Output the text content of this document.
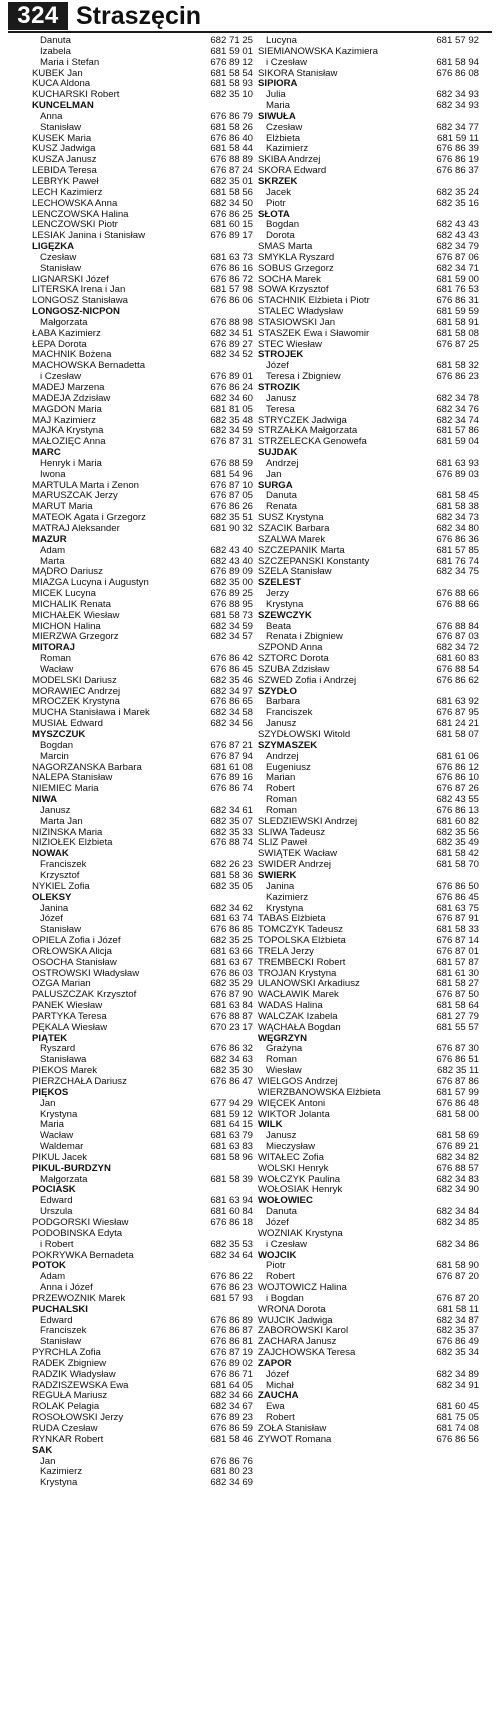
324 Straszęcin
Danuta	682 71 25
Izabela	681 59 01
Maria i Stefan	676 89 12
KUBEK Jan	681 58 54
KUCA Aldona	681 58 93
KUCHARSKI Robert	682 35 10
KUNCELMAN
Anna	676 86 79
Stanisław	681 58 26
KUSEK Maria	676 86 40
KUSZ Jadwiga	681 58 44
KUSZA Janusz	676 88 89
LEBIDA Teresa	676 87 24
LEBRYK Paweł	682 35 01
LECH Kazimierz	681 58 56
LECHOWSKA Anna	682 34 50
LENCZOWSKA Halina	676 86 25
LENCZOWSKI Piotr	681 60 15
LESIAK Janina i Stanisław	676 89 17
LIGĘZKA
Czesław	681 63 73
Stanisław	676 86 16
LIGNARSKI Józef	676 86 72
LITERSKA Irena i Jan	681 57 98
LONGOSZ Stanisława	676 86 06
LONGOSZ-NICPOŃ
Małgorzata	676 88 98
ŁABA Kazimierz	682 34 51
ŁEPA Dorota	676 89 27
MACHNIK Bożena	682 34 52
MACHOWSKA Bernadetta
i Czesław	676 89 01
MADEJ Marzena	676 86 24
MADEJA Zdzisław	682 34 60
MAGDOŃ Maria	681 81 05
MAJ Kazimierz	682 35 48
MAJKA Krystyna	682 34 59
MAŁOZIĘĆ Anna	676 87 31
MARĆ
Henryk i Maria	676 88 59
Iwona	681 54 96
MARTULA Marta i Zenon	676 87 10
MARUSZCAK Jerzy	676 87 05
MARUT Maria	676 86 26
MATEOK Agata i Grzegorz	682 35 51
MATRAJ Aleksander	681 90 32
MAZUR
Adam	682 43 40
Marta	682 43 40
MĄDRO Dariusz	676 89 09
MIAZGA Lucyna i Augustyn	682 35 00
MICEK Lucyna	676 89 25
MICHALIK Renata	676 88 95
MICHAŁEK Wiesław	681 58 73
MICHOŃ Halina	682 34 59
MIERZWA Grzegorz	682 34 57
MITORAJ
Roman	676 86 42
Wacław	676 86 45
MODELSKI Dariusz	682 35 46
MORAWIEC Andrzej	682 34 97
MROCZEK Krystyna	676 86 65
MUCHA Stanisława i Marek	682 34 58
MUSIAŁ Edward	682 34 56
MYSZCZUK
Bogdan	676 87 21
Marcin	676 87 94
NAGÓRZAŃSKA Barbara	681 61 08
NALEPA Stanisław	676 89 16
NIEMIEC Maria	676 86 74
NIWA
Janusz	682 34 61
Marta Jan	682 35 07
NIZIŃSKA Maria	682 35 33
NIZIOŁEK Elżbieta	676 88 74
NOWAK
Franciszek	682 26 23
Krzysztof	681 58 36
NYKIEL Zofia	682 35 05
OLEKSY
Janina	682 34 62
Józef	681 63 74
Stanisław	676 86 85
OPIELA Zofia i Józef	682 35 25
ORŁOWSKA Alicja	681 63 66
OSOCHA Stanisław	681 63 67
OSTROWSKI Władysław	676 86 03
OŻGA Marian	682 35 29
PALUSZCZAK Krzysztof	676 87 90
PANEK Wiesław	681 63 84
PARTYKA Teresa	676 88 87
PĘKALA Wiesław	670 23 17
PIĄTEK
Ryszard	676 86 32
Stanisława	682 34 63
PIEKOŚ Marek	682 35 30
PIERZCHAŁA Dariusz	676 86 47
PIĘKOŚ
Jan	677 94 29
Krystyna	681 59 12
Maria	681 64 15
Wacław	681 63 79
Waldemar	681 63 83
PIKUL Jacek	681 58 96
PIKUL-BURDZYŃ
Małgorzata	681 58 39
POCIASK
Edward	681 63 94
Urszula	681 60 84
PODGÓRSKI Wiesław	676 86 18
PODOBIŃSKA Edyta
i Robert	682 35 53
POKRYWKA Bernadeta	682 34 64
POTOK
Adam	676 86 22
Anna i Józef	676 86 23
PRZEWOŹNIK Marek	681 57 93
PUCHALSKI
Edward	676 86 89
Franciszek	676 86 87
Stanisław	676 86 81
PYRCHLA Zofia	676 87 19
RADEK Zbigniew	676 89 02
RADZIK Władysław	676 86 71
RADZISZEWSKA Ewa	681 64 05
REGUŁA Mariusz	682 34 66
ROLAK Pelagia	682 34 67
ROSOŁOWSKI Jerzy	676 89 23
RUDA Czesław	676 86 59
RYNKAR Robert	681 58 46
SAK
Jan	676 86 76
Kazimierz	681 80 23
Krystyna	682 34 69
Lucyna	681 57 92
SIEMIANOWSKA Kazimiera
i Czesław	681 58 94
SIKORA Stanisław	676 86 08
SIPIORA
Julia	682 34 93
Maria	682 34 93
SIWUŁA
Czesław	682 34 77
Elżbieta	681 59 11
Kazimierz	676 86 39
SKIBA Andrzej	676 86 19
SKÓRA Edward	676 86 37
SKRZEK
Jacek	682 35 24
Piotr	682 35 16
SŁOTA
Bogdan	682 43 43
Dorota	682 43 43
SMAŚ Marta	682 34 79
SMYKLA Ryszard	676 87 06
SOBUŚ Grzegorz	682 34 71
SOCHA Marek	681 59 00
SOWA Krzysztof	681 76 53
STACHNIK Elżbieta i Piotr	676 86 31
STALEC Władysław	681 59 59
STASIOWSKI Jan	681 58 91
STASZEK Ewa i Sławomir	681 58 08
STEC Wiesław	676 87 25
STROJEK
Józef	681 58 32
Teresa i Zbigniew	676 86 23
STRÓZIK
Janusz	682 34 78
Teresa	682 34 76
STRYCZEK Jadwiga	682 34 74
STRZAŁKA Małgorzata	681 57 86
STRZELECKA Genowefa	681 59 04
SUJDAK
Andrzej	681 63 93
Jan	676 89 03
SURGA
Danuta	681 58 45
Renata	681 58 38
SUSZ Krystyna	682 34 73
SZACIK Barbara	682 34 80
SZALWA Marek	676 86 36
SZCZEPANIK Marta	681 57 85
SZCZEPAŃSKI Konstanty	681 76 74
SZELA Stanisław	682 34 75
SZELEST
Jerzy	676 88 66
Krystyna	676 88 66
SZEWCZYK
Beata	676 88 84
Renata i Zbigniew	676 87 03
SZPOND Anna	682 34 72
SZTORC Dorota	681 60 83
SZUBA Zdzisław	676 88 54
SZWED Zofia i Andrzej	676 86 62
SZYDŁO
Barbara	681 63 92
Franciszek	676 87 95
Janusz	681 24 21
SZYDŁOWSKI Witold	681 58 07
SZYMASZEK
Andrzej	681 61 06
Eugeniusz	676 86 12
Marian	676 86 10
Robert	676 87 26
Roman	682 43 55
Roman	676 86 13
ŚLEDZIEWSKI Andrzej	681 60 82
ŚLIWA Tadeusz	682 35 56
ŚLIZ Paweł	682 35 49
ŚWIĄTEK Wacław	681 58 42
ŚWIDER Andrzej	681 58 70
ŚWIERK
Janina	676 86 50
Kazimierz	676 86 45
Krystyna	681 63 75
TABAS Elżbieta	676 87 91
TOMCZYK Tadeusz	681 58 33
TOPOLSKA Elżbieta	676 87 14
TRELA Jerzy	676 87 01
TREMBECKI Robert	681 57 87
TROJAN Krystyna	681 61 30
ULANOWSKI Arkadiusz	681 58 27
WACŁAWIK Marek	676 87 50
WADAS Halina	681 58 64
WALCZAK Izabela	681 27 79
WĄCHAŁA Bogdan	681 55 57
WĘGRZYN
Grażyna	676 87 30
Roman	676 86 51
Wiesław	682 35 11
WIELGOS Andrzej	676 87 86
WIERZBANOWSKA Elżbieta	681 57 99
WIĘCEK Antoni	676 86 48
WIKTOR Jolanta	681 58 00
WILK
Janusz	681 58 69
Mieczysław	676 89 21
WITAŁEC Zofia	682 34 82
WOLSKI Henryk	676 88 57
WOŁCZYK Paulina	682 34 83
WOŁOSIAK Henryk	682 34 90
WOŁOWIEC
Danuta	682 34 84
Józef	682 34 85
WOŹNIAK Krystyna
i Czesław	682 34 86
WÓJCIK
Piotr	681 58 90
Robert	676 87 20
WÓJTOWICZ Halina
i Bogdan	676 87 20
WRONA Dorota	681 58 11
WUJCIK Jadwiga	682 34 87
ZABOROWSKI Karol	682 35 37
ZACHARA Janusz	676 86 49
ZAJCHOWSKA Teresa	682 35 34
ZAPÓR
Józef	682 34 89
Michał	682 34 91
ZAUCHA
Ewa	681 60 45
Robert	681 75 05
ŻOŁA Stanisław	681 74 08
ŻYWOT Romana	676 86 56
